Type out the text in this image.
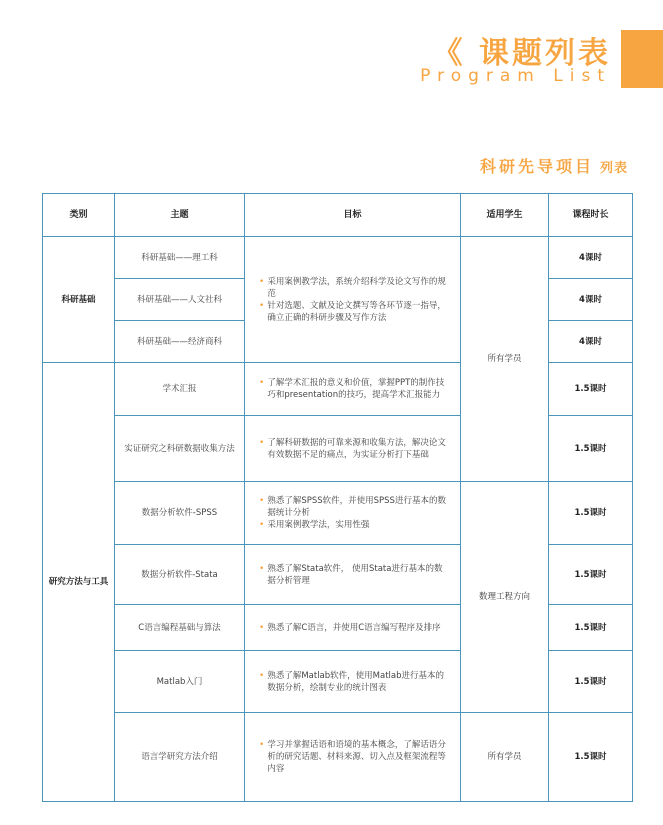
《 课题列表
Program List
科研先导项目 列表
类别	主题	目标	适用学生	课程时长
科研基础	科研基础——理工科	• 采用案例教学法，系统介绍科学及论文写作的规范
• 针对选题、文献及论文撰写等各环节逐一指导，确立正确的科研步骤及写作方法	所有学员	4课时
	科研基础——人文社科			4课时
	科研基础——经济商科			4课时
研究方法与工具	学术汇报	• 了解学术汇报的意义和价值，掌握PPT的制作技巧和presentation的技巧，提高学术汇报能力		1.5课时
	实证研究之科研数据收集方法	• 了解科研数据的可靠来源和收集方法，解决论文有效数据不足的痛点，为实证分析打下基础		1.5课时
	数据分析软件-SPSS	• 熟悉了解SPSS软件，并使用SPSS进行基本的数据统计分析
• 采用案例教学法，实用性强	数理工程方向	1.5课时
	数据分析软件-Stata	• 熟悉了解Stata软件， 使用Stata进行基本的数据分析管理		1.5课时
	C语言编程基础与算法	• 熟悉了解C语言，并使用C语言编写程序及排序		1.5课时
	Matlab入门	• 熟悉了解Matlab软件，使用Matlab进行基本的数据分析，绘制专业的统计图表		1.5课时
	语言学研究方法介绍	• 学习并掌握话语和语境的基本概念，了解话语分析的研究话题、材料来源、切入点及框架流程等内容	所有学员	1.5课时
